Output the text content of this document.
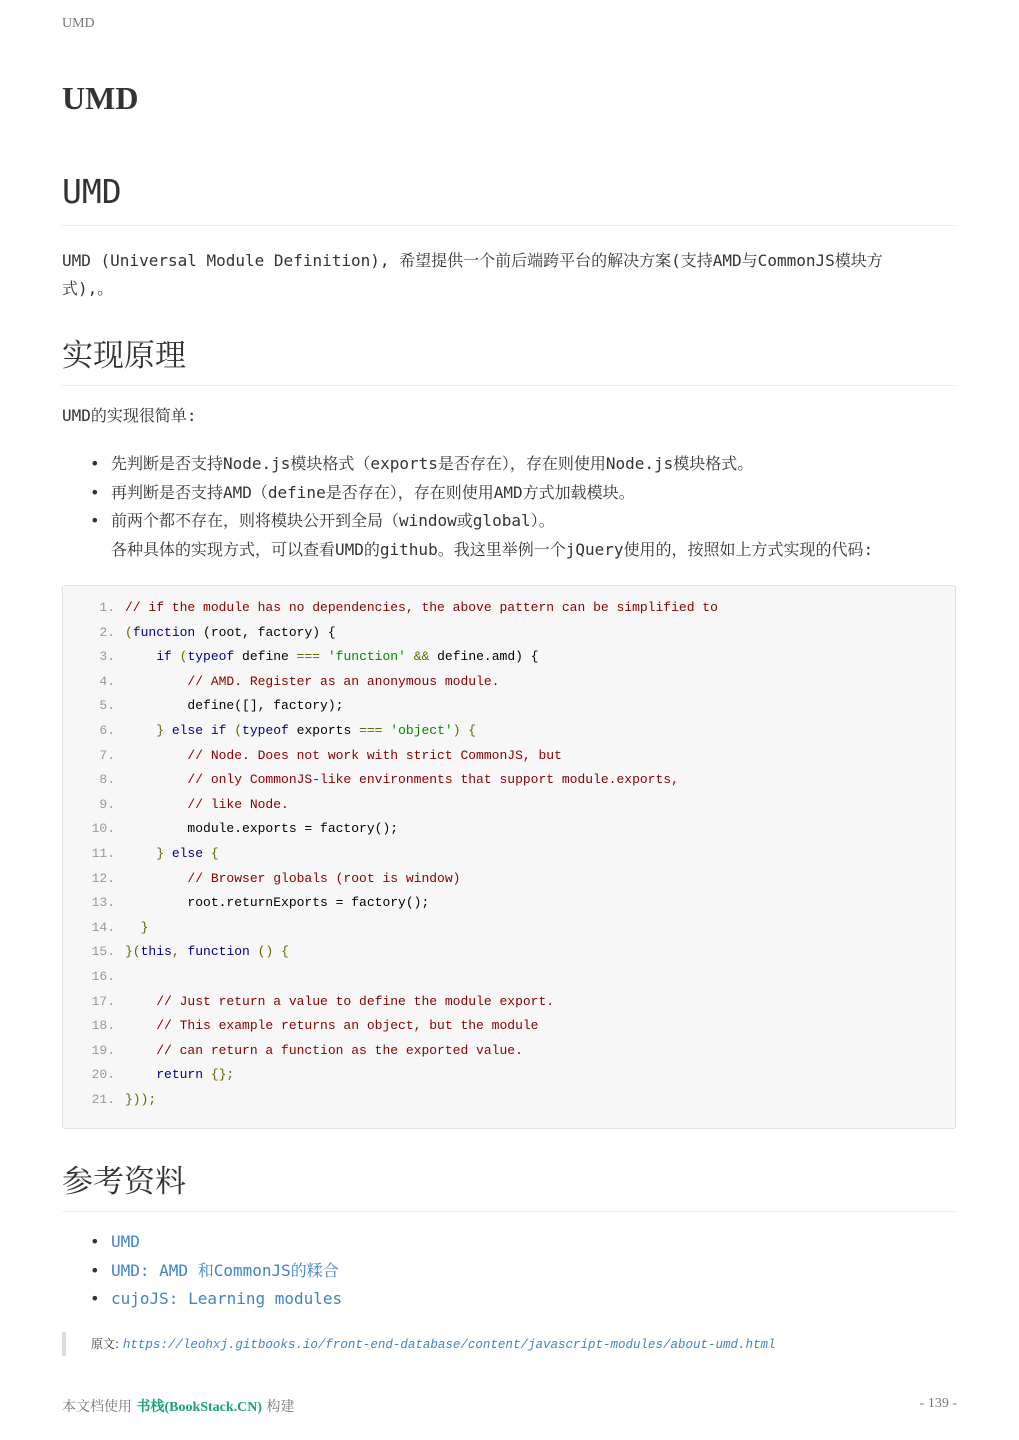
UMD
UMD
UMD

UMD (Universal Module Definition), 希望提供一个前后端跨平台的解决方案(支持AMD与CommonJS模块方
式),。

实现原理

UMD的实现很简单:

• 先判断是否支持Node.js模块格式（exports是否存在），存在则使用Node.js模块格式。
• 再判断是否支持AMD（define是否存在），存在则使用AMD方式加载模块。
• 前两个都不存在，则将模块公开到全局（window或global）。
各种具体的实现方式，可以查看UMD的github。我这里举例一个jQuery使用的，按照如上方式实现的代码:
1. // if the module has no dependencies, the above pattern can be simplified to
2. (function (root, factory) {
3.	if (typeof define === 'function' && define.amd) {
4.        // AMD. Register as an anonymous module.
5.        define([], factory);
6.    } else if (typeof exports === 'object') {
7.        // Node. Does not work with strict CommonJS, but
8.        // only CommonJS-like environments that support module.exports,
9.        // like Node.
10.        module.exports = factory();
11.    } else {
12.        // Browser globals (root is window)
13.        root.returnExports = factory();
14.  }
15. }(this, function () {
16.
17.    // Just return a value to define the module export.
18.    // This example returns an object, but the module
19.    // can return a function as the exported value.
20.	return {};
21. }));
参考资料
• UMD
• UMD: AMD 和CommonJS的糅合
• cujoJS: Learning modules
原文: https://leohxj.gitbooks.io/front-end-database/content/javascript-modules/about-umd.html
本文档使用 书栈(BookStack.CN) 构建	- 139 -
